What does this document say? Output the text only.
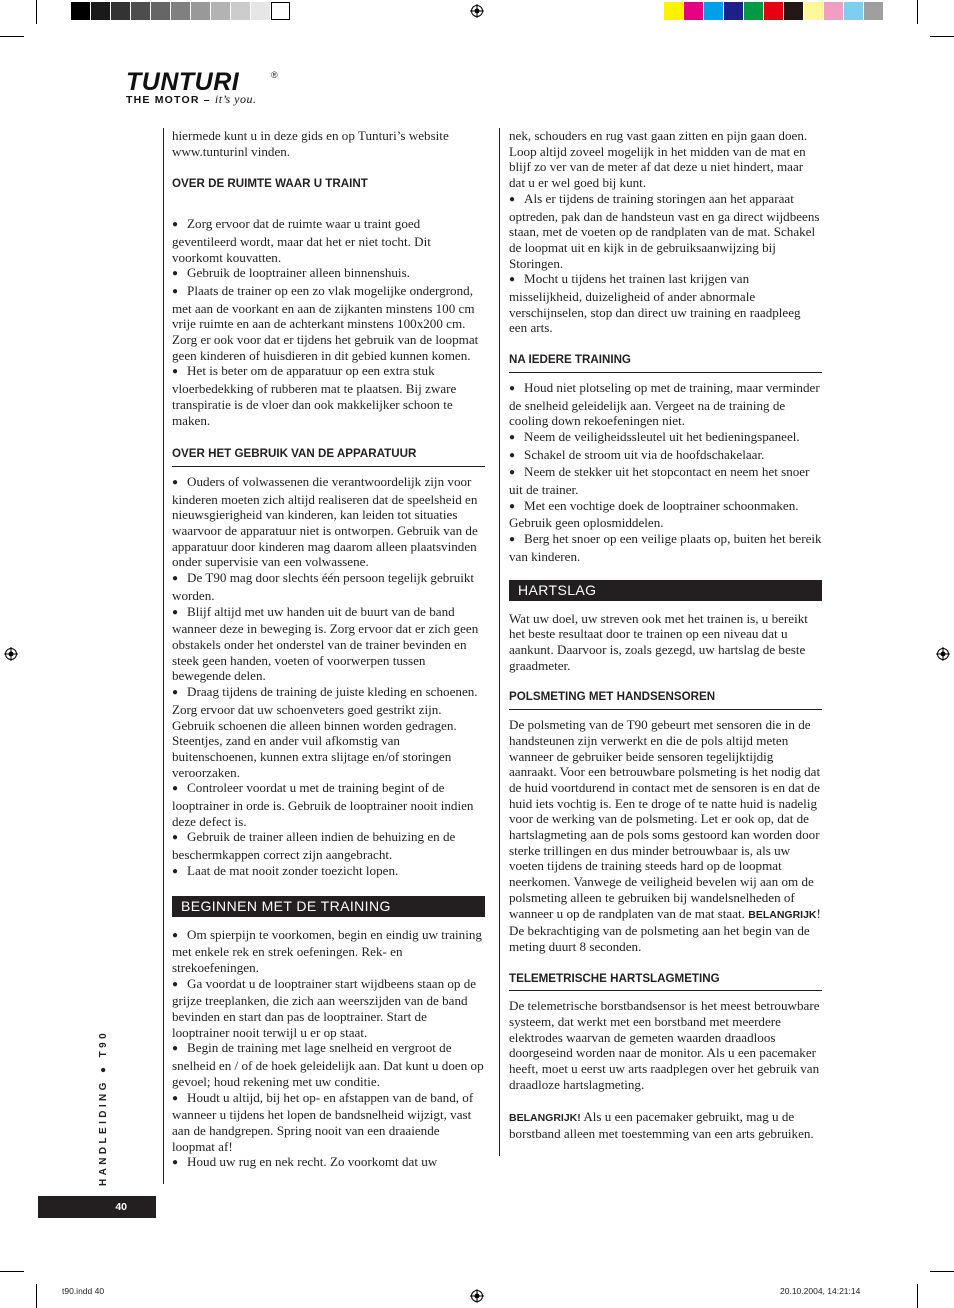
TUNTURI	®
THE MOTOR – it’s you.

hiermede kunt u in deze gids en op Tunturi’s website www.tunturinl vinden.

OVER DE RUIMTE WAAR U TRAINT

● Zorg ervoor dat de ruimte waar u traint goed geventileerd wordt, maar dat het er niet tocht. Dit voorkomt kouvatten.

● Gebruik de looptrainer alleen binnenshuis.

● Plaats de trainer op een zo vlak mogelijke ondergrond, met aan de voorkant en aan de zijkanten minstens 100 cm vrije ruimte en aan de achterkant minstens 100x200 cm. Zorg er ook voor dat er tijdens het gebruik van de loopmat geen kinderen of huisdieren in dit gebied kunnen komen.

● Het is beter om de apparatuur op een extra stuk vloerbedekking of rubberen mat te plaatsen. Bij zware transpiratie is de vloer dan ook makkelijker schoon te maken.

OVER HET GEBRUIK VAN DE APPARATUUR

● Ouders of volwassenen die verantwoordelijk zijn voor kinderen moeten zich altijd realiseren dat de speelsheid en nieuwsgierigheid van kinderen, kan leiden tot situaties waarvoor de apparatuur niet is ontworpen. Gebruik van de apparatuur door kinderen mag daarom alleen plaatsvinden onder supervisie van een volwassene.

● De T90 mag door slechts één persoon tegelijk gebruikt worden.

● Blijf altijd met uw handen uit de buurt van de band wanneer deze in beweging is. Zorg ervoor dat er zich geen obstakels onder het onderstel van de trainer bevinden en steek geen handen, voeten of voorwerpen tussen bewegende delen.

● Draag tijdens de training de juiste kleding en schoenen. Zorg ervoor dat uw schoenveters goed gestrikt zijn. Gebruik schoenen die alleen binnen worden gedragen. Steentjes, zand en ander vuil afkomstig van buitenschoenen, kunnen extra slijtage en/of storingen veroorzaken.

● Controleer voordat u met de training begint of de looptrainer in orde is. Gebruik de looptrainer nooit indien deze defect is.

● Gebruik de trainer alleen indien de behuizing en de beschermkappen correct zijn aangebracht.

● Laat de mat nooit zonder toezicht lopen.

BEGINNEN MET DE TRAINING

● Om spierpijn te voorkomen, begin en eindig uw training met enkele rek en strek oefeningen. Rek- en strekoefeningen.

● Ga voordat u de looptrainer start wijdbeens staan op de grijze treeplanken, die zich aan weerszijden van de band bevinden en start dan pas de looptrainer. Start de looptrainer nooit terwijl u er op staat.

● Begin de training met lage snelheid en vergroot de snelheid en / of de hoek geleidelijk aan. Dat kunt u doen op gevoel; houd rekening met uw conditie.

● Houdt u altijd, bij het op- en afstappen van de band, of wanneer u tijdens het lopen de bandsnelheid wijzigt, vast aan de handgrepen. Spring nooit van een draaiende loopmat af!

● Houd uw rug en nek recht. Zo voorkomt dat uw

nek, schouders en rug vast gaan zitten en pijn gaan doen. Loop altijd zoveel mogelijk in het midden van de mat en blijf zo ver van de meter af dat deze u niet hindert, maar dat u er wel goed bij kunt.

● Als er tijdens de training storingen aan het apparaat optreden, pak dan de handsteun vast en ga direct wijdbeens staan, met de voeten op de randplaten van de mat. Schakel de loopmat uit en kijk in de gebruiksaanwijzing bij Storingen.

● Mocht u tijdens het trainen last krijgen van misselijkheid, duizeligheid of ander abnormale verschijnselen, stop dan direct uw training en raadpleeg een arts.

NA IEDERE TRAINING

● Houd niet plotseling op met de training, maar verminder de snelheid geleidelijk aan. Vergeet na de training de cooling down rekoefeningen niet.

● Neem de veiligheidssleutel uit het bedieningspaneel.

● Schakel de stroom uit via de hoofdschakelaar.

● Neem de stekker uit het stopcontact en neem het snoer uit de trainer.

● Met een vochtige doek de looptrainer schoonmaken. Gebruik geen oplosmiddelen.

● Berg het snoer op een veilige plaats op, buiten het bereik van kinderen.

HARTSLAG

Wat uw doel, uw streven ook met het trainen is, u bereikt het beste resultaat door te trainen op een niveau dat u aankunt. Daarvoor is, zoals gezegd, uw hartslag de beste graadmeter.

POLSMETING MET HANDSENSOREN

De polsmeting van de T90 gebeurt met sensoren die in de handsteunen zijn verwerkt en die de pols altijd meten wanneer de gebruiker beide sensoren tegelijktijdig aanraakt. Voor een betrouwbare polsmeting is het nodig dat de huid voortdurend in contact met de sensoren is en dat de huid iets vochtig is. Een te droge of te natte huid is nadelig voor de werking van de polsmeting. Let er ook op, dat de hartslagmeting aan de pols soms gestoord kan worden door sterke trillingen en dus minder betrouwbaar is, als uw voeten tijdens de training steeds hard op de loopmat neerkomen. Vanwege de veiligheid bevelen wij aan om de polsmeting alleen te gebruiken bij wandelsnelheden of wanneer u op de randplaten van de mat staat. BELANGRIJK! De bekrachtiging van de polsmeting aan het begin van de meting duurt 8 seconden.

TELEMETRISCHE HARTSLAGMETING

De telemetrische borstbandsensor is het meest betrouwbare systeem, dat werkt met een borstband met meerdere elektrodes waarvan de gemeten waarden draadloos doorgeseind worden naar de monitor. Als u een pacemaker heeft, moet u eerst uw arts raadplegen over het gebruik van draadloze hartslagmeting.

BELANGRIJK! Als u een pacemaker gebruikt, mag u de borstband alleen met toestemming van een arts gebruiken.

HANDLEIDING ● T90
40
t90.indd 40	20.10.2004, 14:21:14
